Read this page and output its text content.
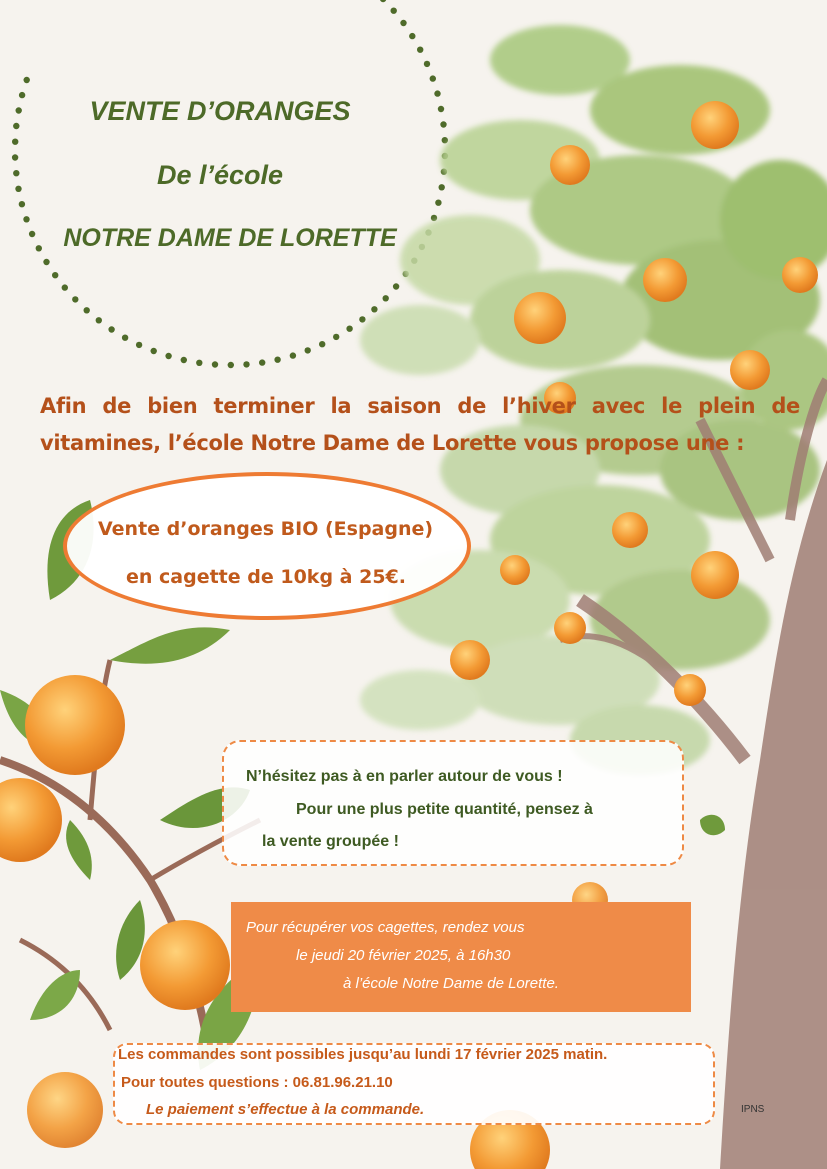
VENTE D’ORANGES
De l’école
NOTRE DAME DE LORETTE
Afin de bien terminer la saison de l’hiver avec le plein de vitamines, l’école Notre Dame de Lorette vous propose une :
Vente d’oranges BIO (Espagne)
en cagette de 10kg à 25€.
N’hésitez pas à en parler autour de vous !
Pour une plus petite quantité, pensez à
la vente groupée !
Pour récupérer vos cagettes, rendez vous
le jeudi 20 février 2025, à 16h30
à l’école Notre Dame de Lorette.
Les commandes sont possibles jusqu’au lundi 17 février 2025 matin.
Pour toutes questions : 06.81.96.21.10
Le paiement s’effectue à la commande.	IPNS
